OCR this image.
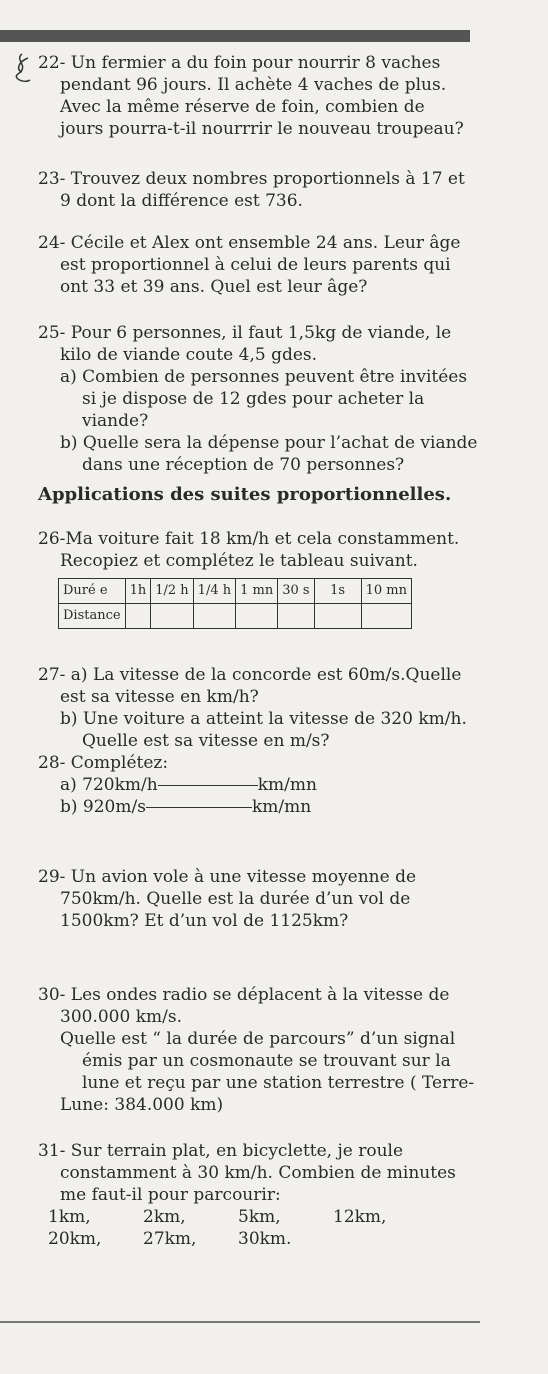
22- Un fermier a du foin pour nourrir 8 vaches

pendant 96 jours. Il achète 4 vaches de plus.

Avec la même réserve de foin, combien de

jours pourra-t-il nourrrir le nouveau troupeau?

23- Trouvez deux nombres proportionnels à 17 et

9 dont la différence est 736.

24- Cécile et Alex ont ensemble 24 ans. Leur âge

est proportionnel à celui de leurs parents qui

ont 33 et 39 ans. Quel est leur âge?

25- Pour 6 personnes, il faut 1,5kg de viande, le

kilo de viande coute 4,5 gdes.

a) Combien de personnes peuvent être invitées

si je dispose de 12 gdes pour acheter la viande?

b) Quelle sera la dépense pour l’achat de viande

dans une réception de 70 personnes?

Applications des suites proportionnelles.

26-Ma voiture fait 18 km/h et cela constamment.

Recopiez et complétez le tableau suivant.

Duré e	1h	1/2 h	1/4 h	1 mn	30 s	1s	10 mn
Distance							

27- a) La vitesse de la concorde est 60m/s.Quelle

est sa vitesse en km/h?

b) Une voiture a atteint la vitesse de 320 km/h.

Quelle est sa vitesse en m/s?

28- Complétez:

a) 720km/h	km/mn

b) 920m/s	km/mn

29- Un avion vole à une vitesse moyenne de

750km/h. Quelle est la durée d’un vol de

1500km? Et d’un vol de 1125km?

30- Les ondes radio se déplacent à la vitesse de

300.000 km/s.

Quelle est “ la durée de parcours” d’un signal

émis par un cosmonaute se trouvant sur la

lune et reçu par une station terrestre ( Terre-

Lune: 384.000 km)

31- Sur terrain plat, en bicyclette, je roule

constamment à 30 km/h. Combien de minutes

me faut-il pour parcourir:

1km,	2km,	5km,	12km,
20km,	27km,	30km.
